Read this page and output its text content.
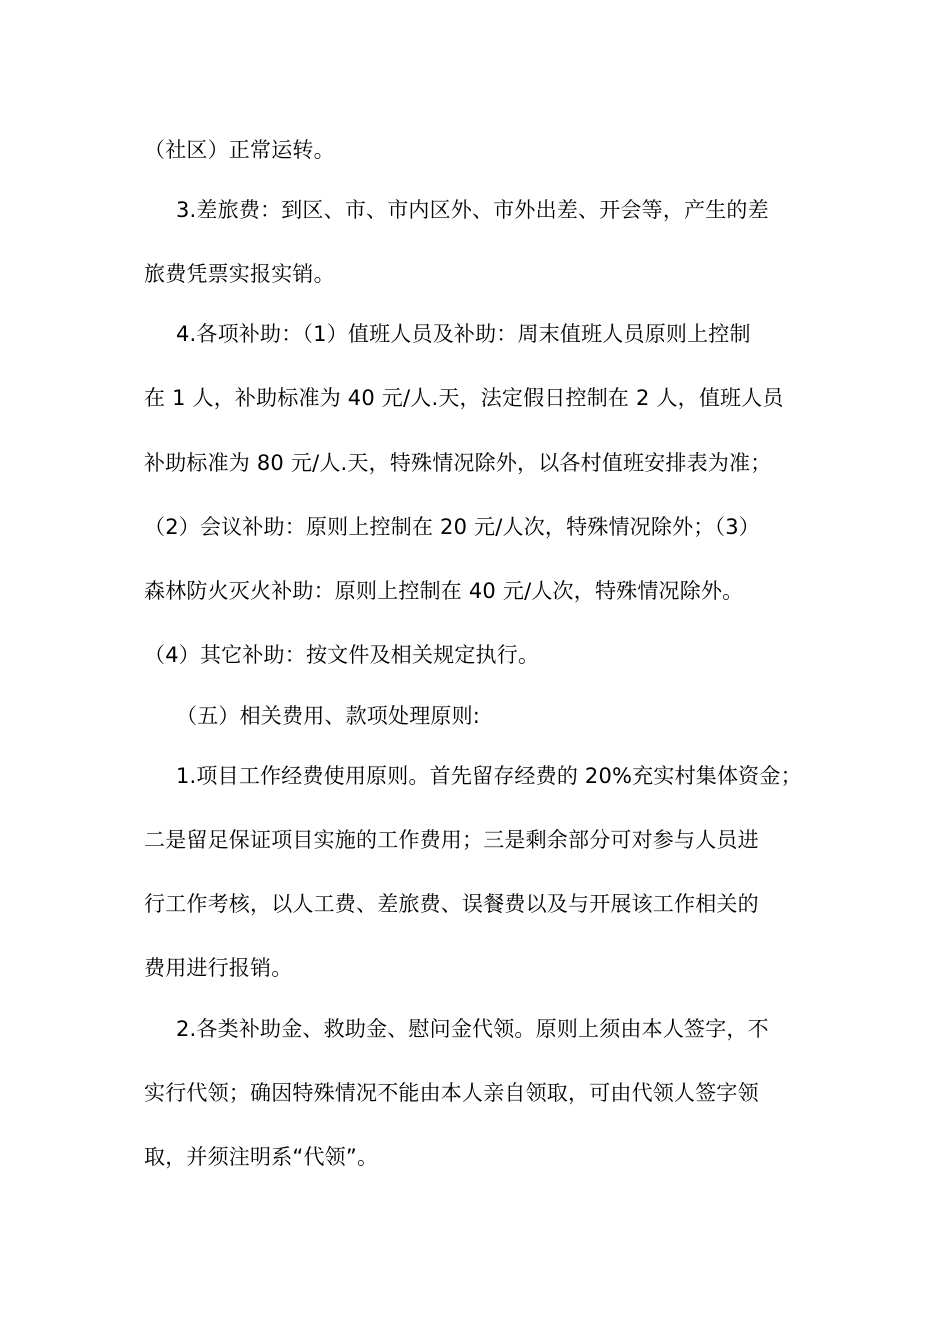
（社区）正常运转。
3.差旅费：到区、市、市内区外、市外出差、开会等，产生的差
旅费凭票实报实销。
4.各项补助：（1）值班人员及补助：周末值班人员原则上控制
在 1 人，补助标准为 40 元/人.天，法定假日控制在 2 人，值班人员
补助标准为 80 元/人.天，特殊情况除外，以各村值班安排表为准；
（2）会议补助：原则上控制在 20 元/人次，特殊情况除外；（3）
森林防火灭火补助：原则上控制在 40 元/人次，特殊情况除外。
（4）其它补助：按文件及相关规定执行。
（五）相关费用、款项处理原则:
1.项目工作经费使用原则。首先留存经费的 20%充实村集体资金；
二是留足保证项目实施的工作费用；三是剩余部分可对参与人员进
行工作考核，以人工费、差旅费、误餐费以及与开展该工作相关的
费用进行报销。
2.各类补助金、救助金、慰问金代领。原则上须由本人签字，不
实行代领；确因特殊情况不能由本人亲自领取，可由代领人签字领
取，并须注明系“代领”。
